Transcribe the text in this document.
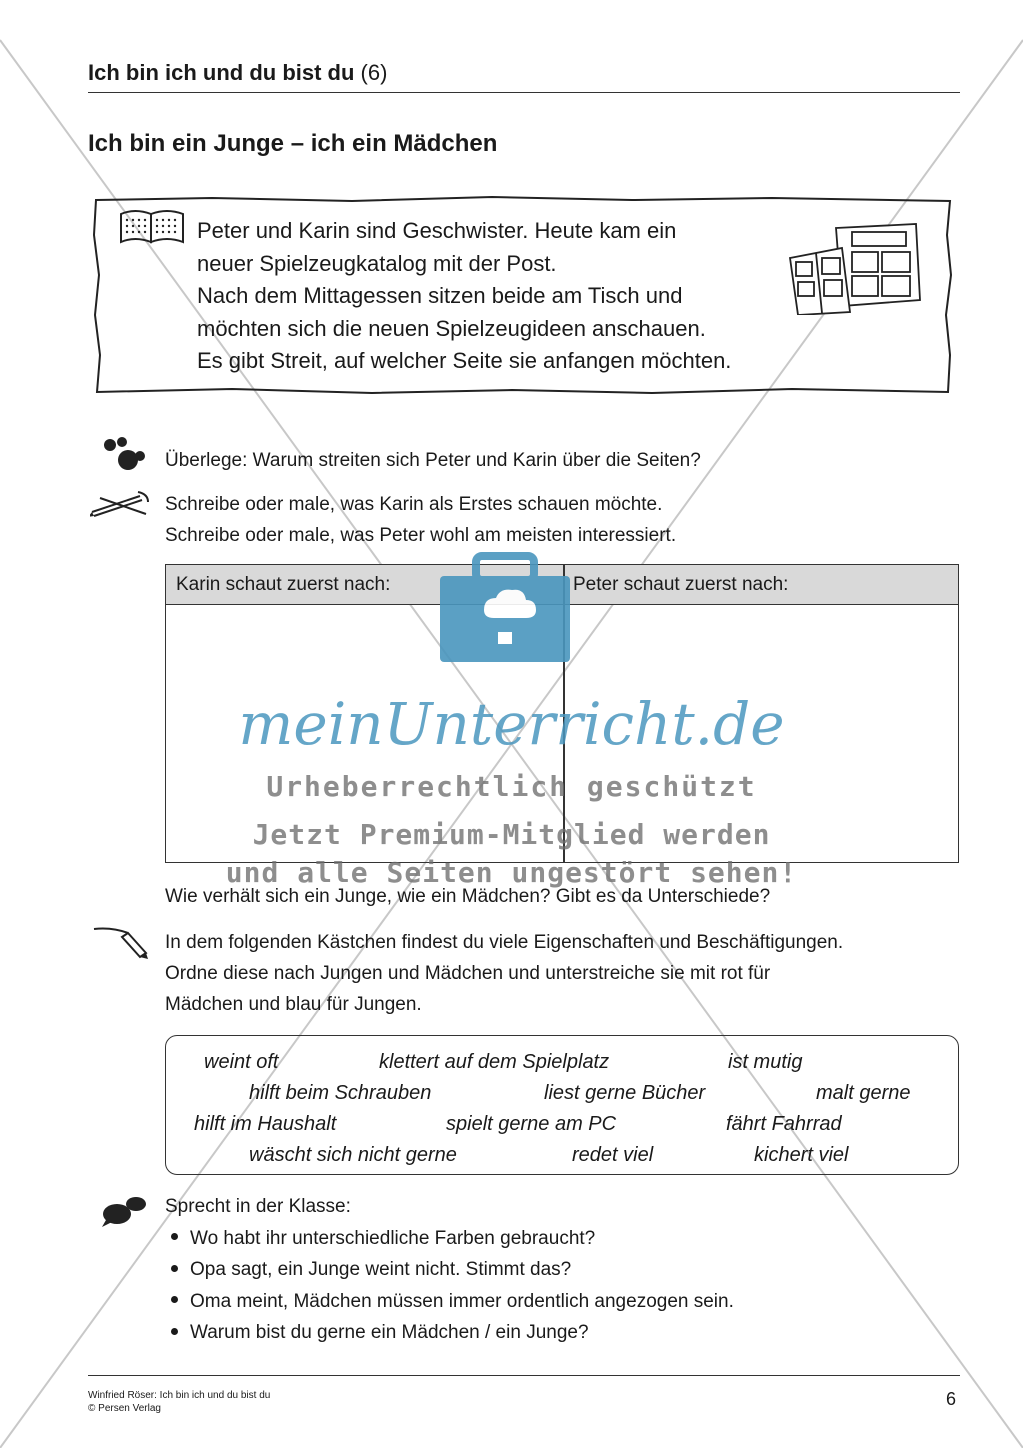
Ich bin ich und du bist du (6)
Ich bin ein Junge – ich ein Mädchen
Peter und Karin sind Geschwister. Heute kam ein
neuer Spielzeugkatalog mit der Post.
Nach dem Mittagessen sitzen beide am Tisch und
möchten sich die neuen Spielzeugideen anschauen.
Es gibt Streit, auf welcher Seite sie anfangen möchten.
Überlege: Warum streiten sich Peter und Karin über die Seiten?
Schreibe oder male, was Karin als Erstes schauen möchte.
Schreibe oder male, was Peter wohl am meisten interessiert.
Karin schaut zuerst nach:	Peter schaut zuerst nach:
Wie verhält sich ein Junge, wie ein Mädchen? Gibt es da Unterschiede?
In dem folgenden Kästchen findest du viele Eigenschaften und Beschäftigungen.
Ordne diese nach Jungen und Mädchen und unterstreiche sie mit rot für
Mädchen und blau für Jungen.
weint oft	klettert auf dem Spielplatz	ist mutig
hilft beim Schrauben	liest gerne Bücher	malt gerne
hilft im Haushalt	spielt gerne am PC	fährt Fahrrad
wäscht sich nicht gerne	redet viel	kichert viel
Sprecht in der Klasse:
Wo habt ihr unterschiedliche Farben gebraucht?
Opa sagt, ein Junge weint nicht. Stimmt das?
Oma meint, Mädchen müssen immer ordentlich angezogen sein.
Warum bist du gerne ein Mädchen / ein Junge?
Winfried Röser: Ich bin ich und du bist du
© Persen Verlag	6
meinUnterricht.de
Urheberrechtlich geschützt
Jetzt Premium-Mitglied werden
und alle Seiten ungestört sehen!
